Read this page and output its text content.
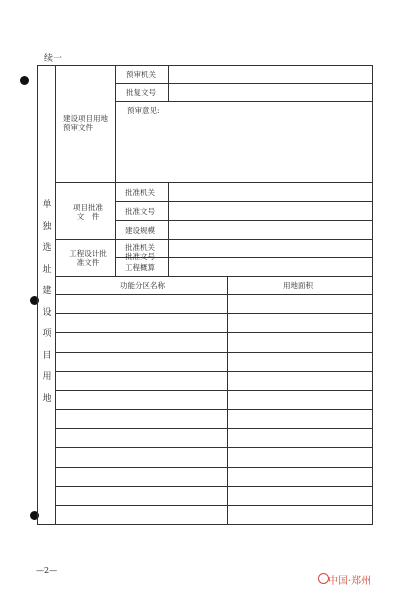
续一
单独选址建设项目用地
建设项目用地预审文件
预审机关
批复文号
预审意见:
项目批准文　件
批准机关
批准文号
建设规模
工程设计批准文件
批准机关
批准文号
工程概算
功能分区名称	用地面积
—2—
中国·郑州
